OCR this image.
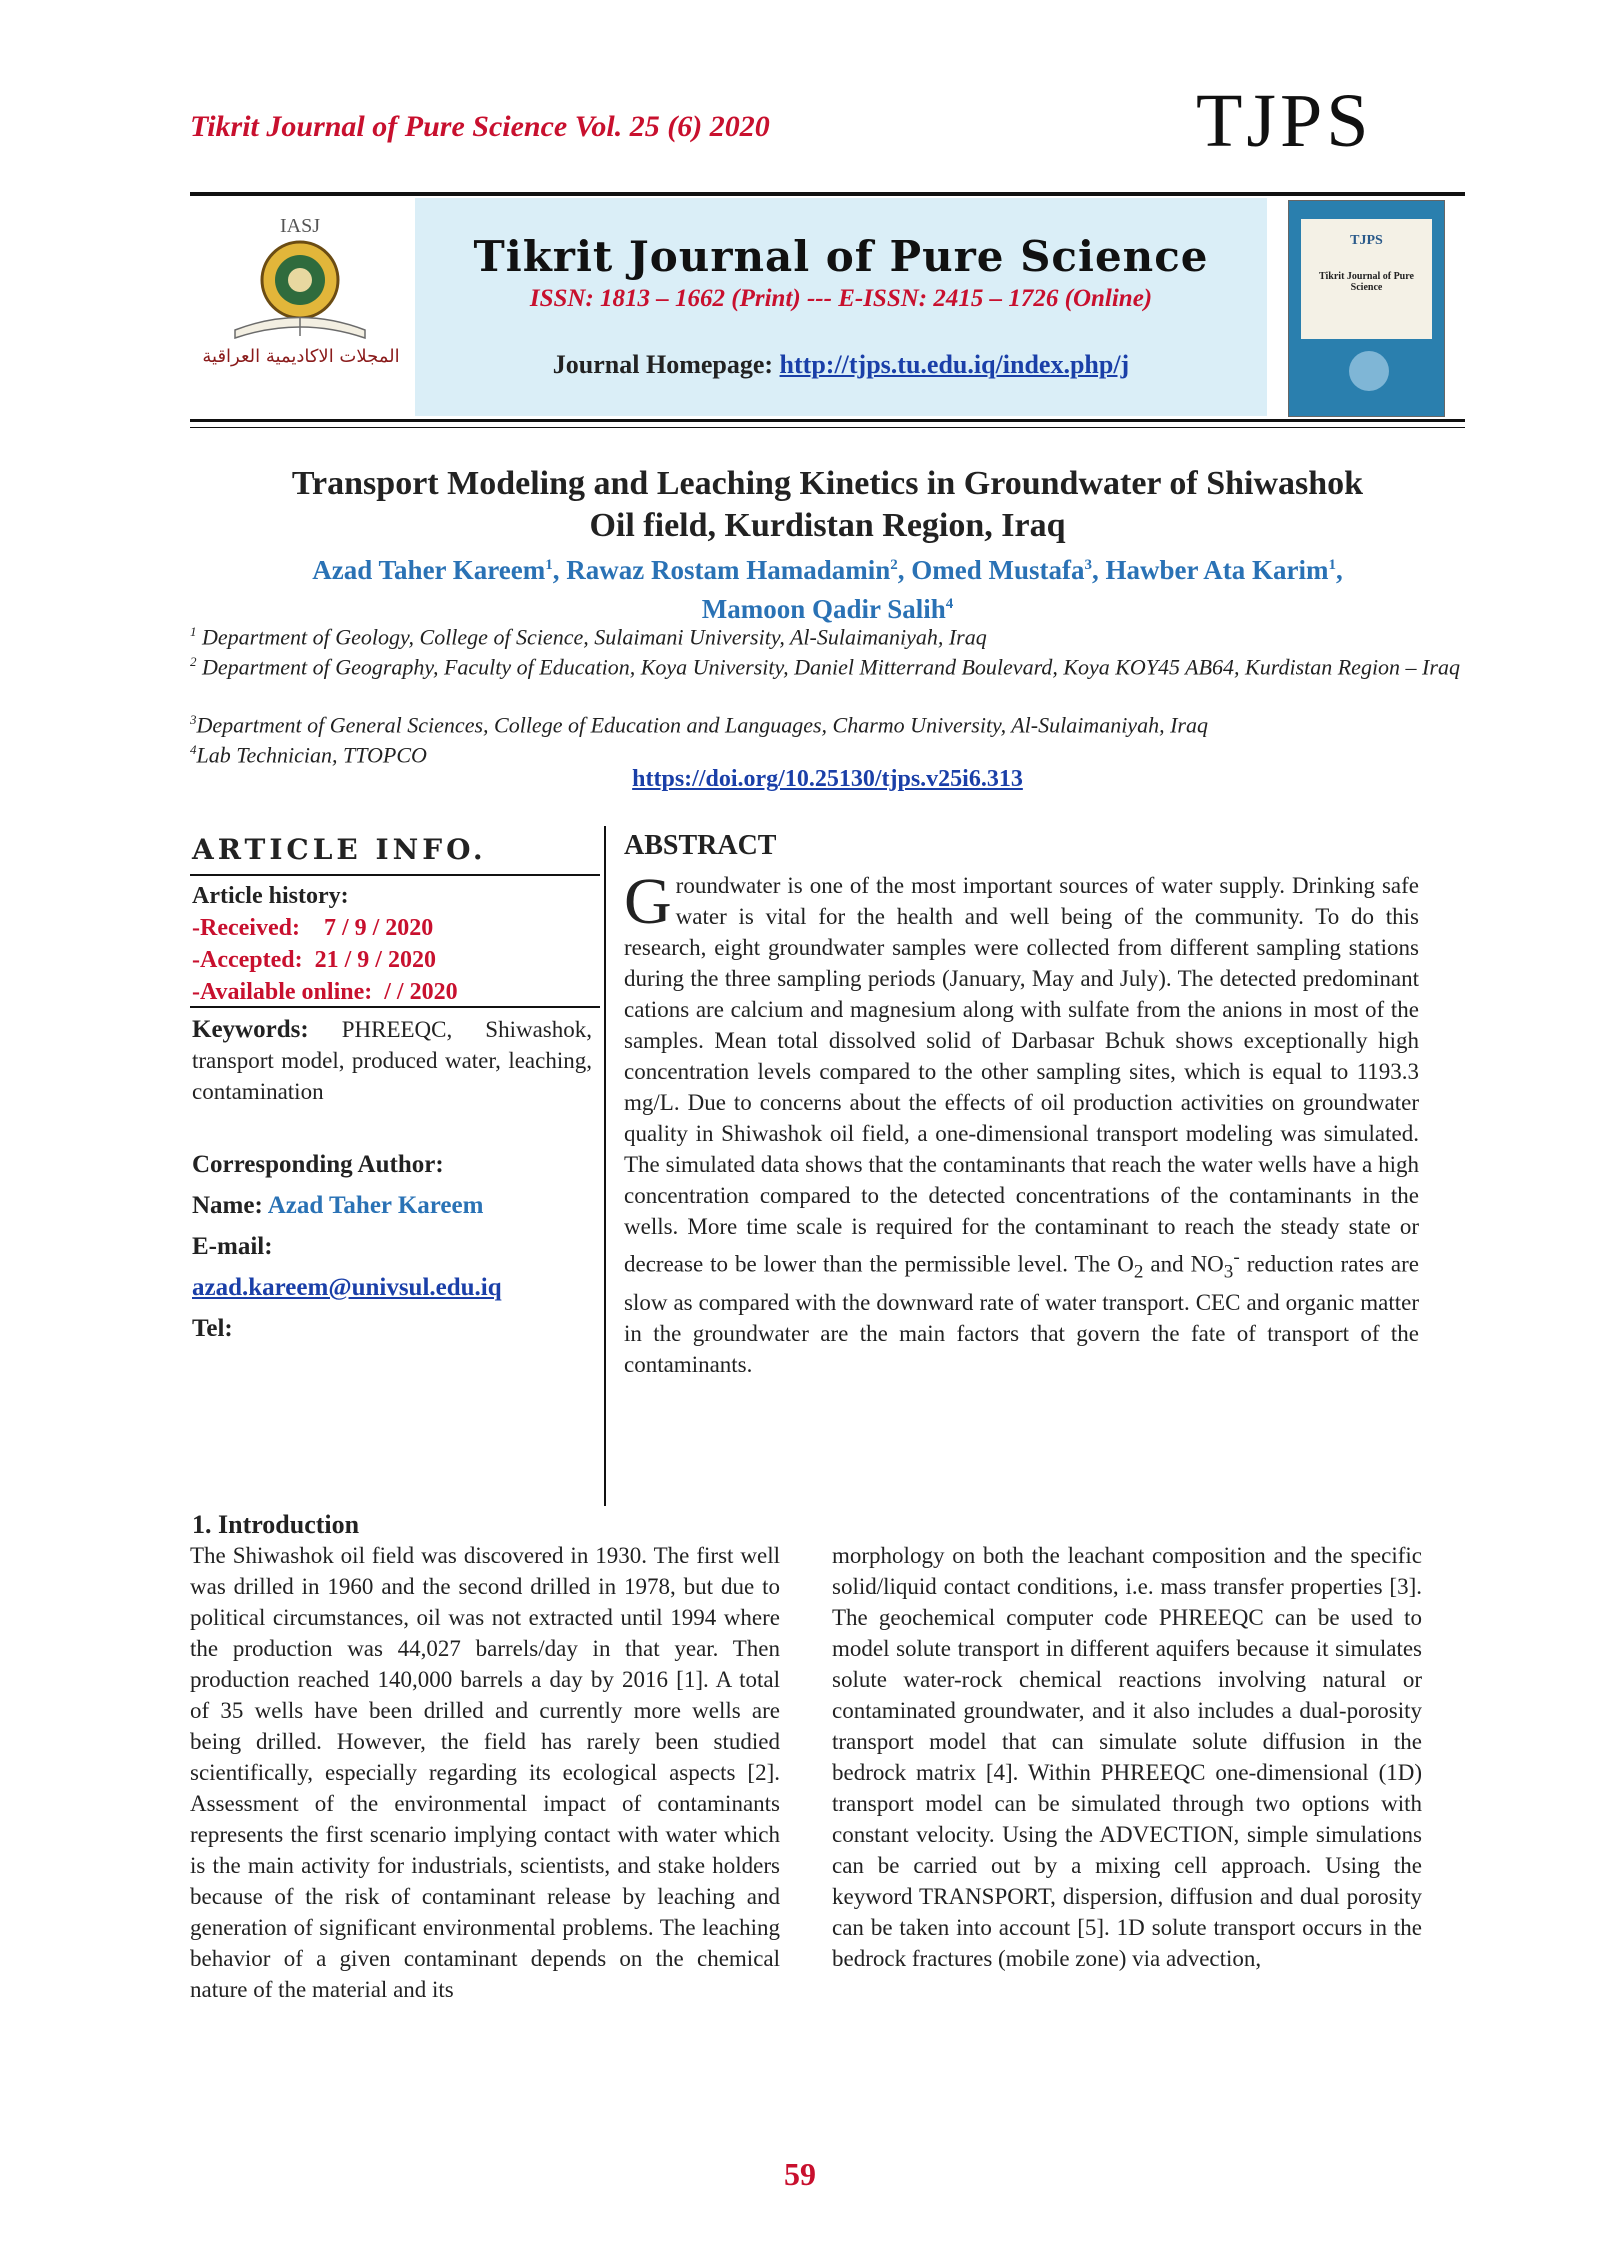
Tikrit Journal of Pure Science Vol. 25 (6) 2020	TJPS
IASJ
المجلات الاكاديمية العراقية
Tikrit Journal of Pure Science
ISSN: 1813 – 1662 (Print) --- E-ISSN: 2415 – 1726 (Online)
Journal Homepage: http://tjps.tu.edu.iq/index.php/j
TJPS
Tikrit Journal of Pure Science
Transport Modeling and Leaching Kinetics in Groundwater of Shiwashok
Oil field, Kurdistan Region, Iraq
Azad Taher Kareem$^1$, Rawaz Rostam Hamadamin$^2$, Omed Mustafa$^3$, Hawber Ata Karim$^1$,
Mamoon Qadir Salih$^4$
$^1$ Department of Geology, College of Science, Sulaimani University, Al-Sulaimaniyah, Iraq
$^2$ Department of Geography, Faculty of Education, Koya University, Daniel Mitterrand Boulevard, Koya KOY45 AB64, Kurdistan Region – Iraq
$^3$Department of General Sciences, College of Education and Languages, Charmo University, Al-Sulaimaniyah, Iraq
$^4$Lab Technician, TTOPCO
https://doi.org/10.25130/tjps.v25i6.313
ARTICLE INFO.
Article history:
-Received: 7 / 9 / 2020
-Accepted: 21 / 9 / 2020
-Available online: / / 2020
Keywords: PHREEQC, Shiwashok, transport model, produced water, leaching, contamination
Corresponding Author:
Name: Azad Taher Kareem
E-mail:
azad.kareem@univsul.edu.iq
Tel:
ABSTRACT
Groundwater is one of the most important sources of water supply. Drinking safe water is vital for the health and well being of the community. To do this research, eight groundwater samples were collected from different sampling stations during the three sampling periods (January, May and July). The detected predominant cations are calcium and magnesium along with sulfate from the anions in most of the samples. Mean total dissolved solid of Darbasar Bchuk shows exceptionally high concentration levels compared to the other sampling sites, which is equal to 1193.3 mg/L. Due to concerns about the effects of oil production activities on groundwater quality in Shiwashok oil field, a one-dimensional transport modeling was simulated. The simulated data shows that the contaminants that reach the water wells have a high concentration compared to the detected concentrations of the contaminants in the wells. More time scale is required for the contaminant to reach the steady state or decrease to be lower than the permissible level. The $O_2$ and $NO_3^-$ reduction rates are slow as compared with the downward rate of water transport. CEC and organic matter in the groundwater are the main factors that govern the fate of transport of the contaminants.
1. Introduction
The Shiwashok oil field was discovered in 1930. The first well was drilled in 1960 and the second drilled in 1978, but due to political circumstances, oil was not extracted until 1994 where the production was 44,027 barrels/day in that year. Then production reached 140,000 barrels a day by 2016 [1]. A total of 35 wells have been drilled and currently more wells are being drilled. However, the field has rarely been studied scientifically, especially regarding its ecological aspects [2]. Assessment of the environmental impact of contaminants represents the first scenario implying contact with water which is the main activity for industrials, scientists, and stake holders because of the risk of contaminant release by leaching and generation of significant environmental problems. The leaching behavior of a given contaminant depends on the chemical nature of the material and its
morphology on both the leachant composition and the specific solid/liquid contact conditions, i.e. mass transfer properties [3]. The geochemical computer code PHREEQC can be used to model solute transport in different aquifers because it simulates solute water-rock chemical reactions involving natural or contaminated groundwater, and it also includes a dual-porosity transport model that can simulate solute diffusion in the bedrock matrix [4]. Within PHREEQC one-dimensional (1D) transport model can be simulated through two options with constant velocity. Using the ADVECTION, simple simulations can be carried out by a mixing cell approach. Using the keyword TRANSPORT, dispersion, diffusion and dual porosity can be taken into account [5]. 1D solute transport occurs in the bedrock fractures (mobile zone) via advection,
59
